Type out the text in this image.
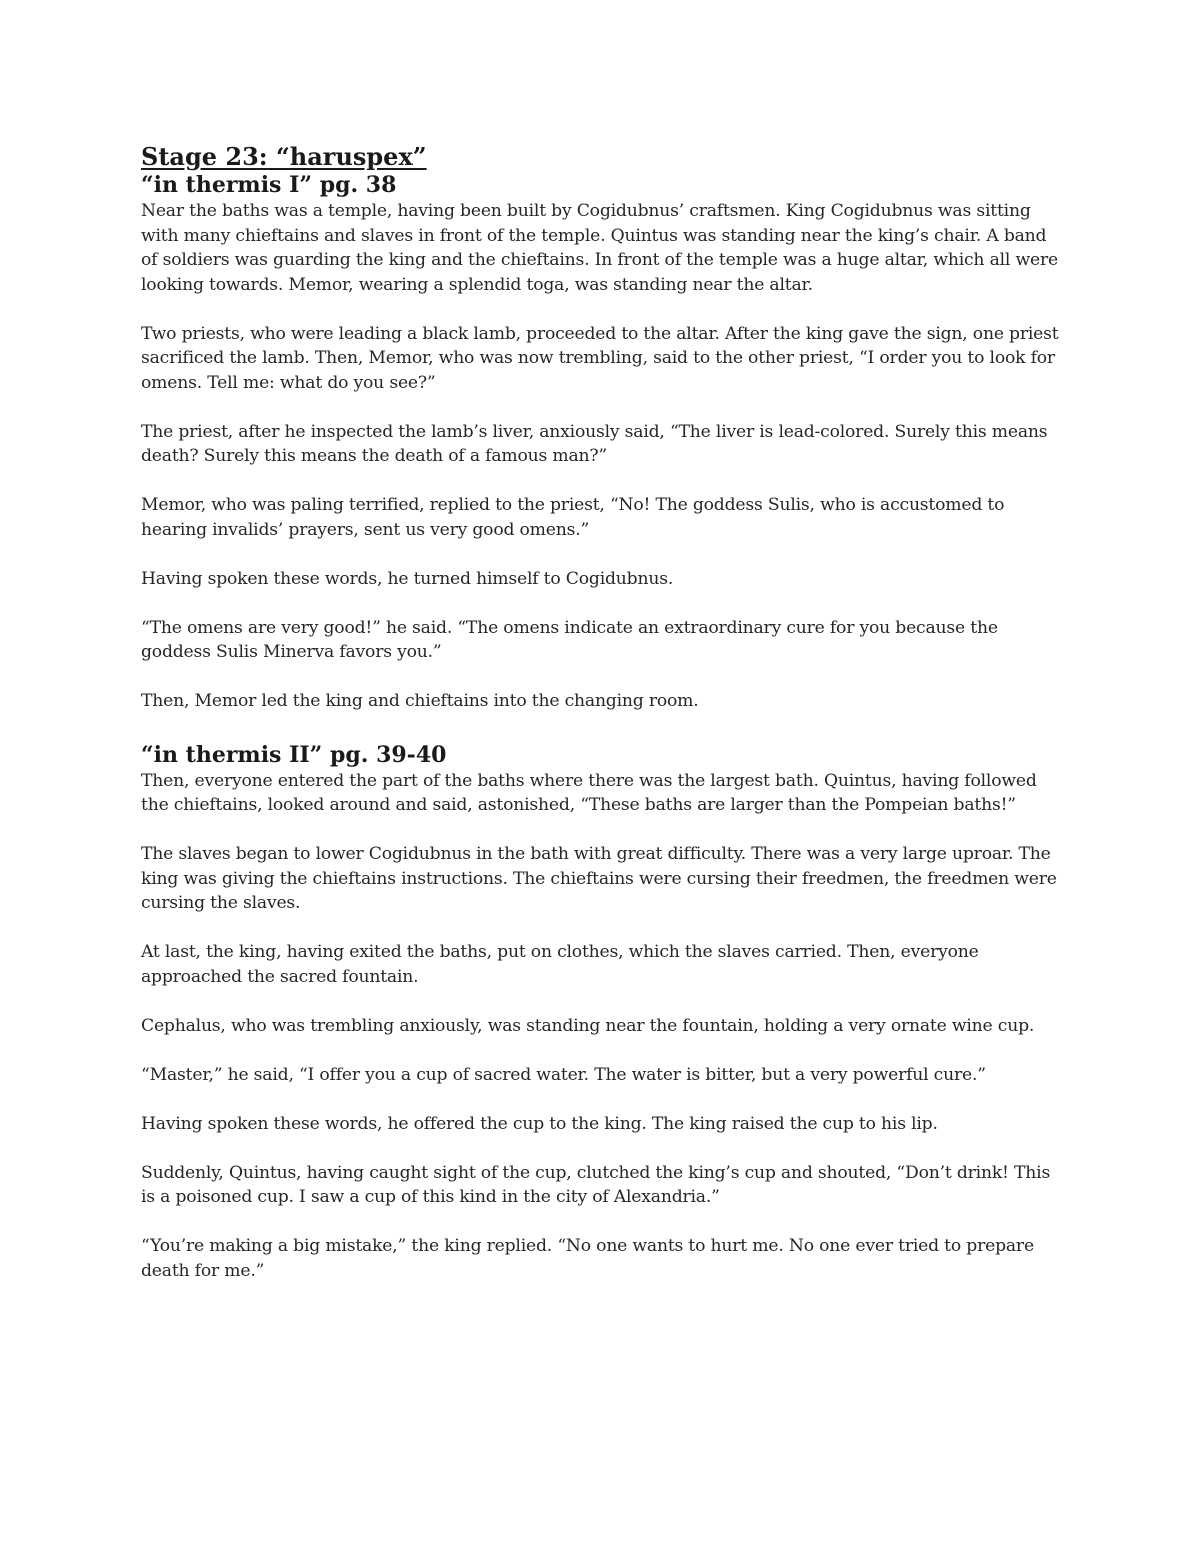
Stage 23: “haruspex”
“in thermis I” pg. 38

Near the baths was a temple, having been built by Cogidubnus’ craftsmen. King Cogidubnus was sitting with many chieftains and slaves in front of the temple. Quintus was standing near the king’s chair. A band of soldiers was guarding the king and the chieftains. In front of the temple was a huge altar, which all were looking towards. Memor, wearing a splendid toga, was standing near the altar.

Two priests, who were leading a black lamb, proceeded to the altar. After the king gave the sign, one priest sacrificed the lamb. Then, Memor, who was now trembling, said to the other priest, “I order you to look for omens. Tell me: what do you see?”

The priest, after he inspected the lamb’s liver, anxiously said, “The liver is lead-colored. Surely this means death? Surely this means the death of a famous man?”

Memor, who was paling terrified, replied to the priest, “No! The goddess Sulis, who is accustomed to hearing invalids’ prayers, sent us very good omens.”

Having spoken these words, he turned himself to Cogidubnus.

“The omens are very good!” he said. “The omens indicate an extraordinary cure for you because the goddess Sulis Minerva favors you.”

Then, Memor led the king and chieftains into the changing room.

“in thermis II” pg. 39-40

Then, everyone entered the part of the baths where there was the largest bath. Quintus, having followed the chieftains, looked around and said, astonished, “These baths are larger than the Pompeian baths!”

The slaves began to lower Cogidubnus in the bath with great difficulty. There was a very large uproar. The king was giving the chieftains instructions. The chieftains were cursing their freedmen, the freedmen were cursing the slaves.

At last, the king, having exited the baths, put on clothes, which the slaves carried. Then, everyone approached the sacred fountain.

Cephalus, who was trembling anxiously, was standing near the fountain, holding a very ornate wine cup.

“Master,” he said, “I offer you a cup of sacred water. The water is bitter, but a very powerful cure.”

Having spoken these words, he offered the cup to the king. The king raised the cup to his lip.

Suddenly, Quintus, having caught sight of the cup, clutched the king’s cup and shouted, “Don’t drink! This is a poisoned cup. I saw a cup of this kind in the city of Alexandria.”

“You’re making a big mistake,” the king replied. “No one wants to hurt me. No one ever tried to prepare death for me.”
